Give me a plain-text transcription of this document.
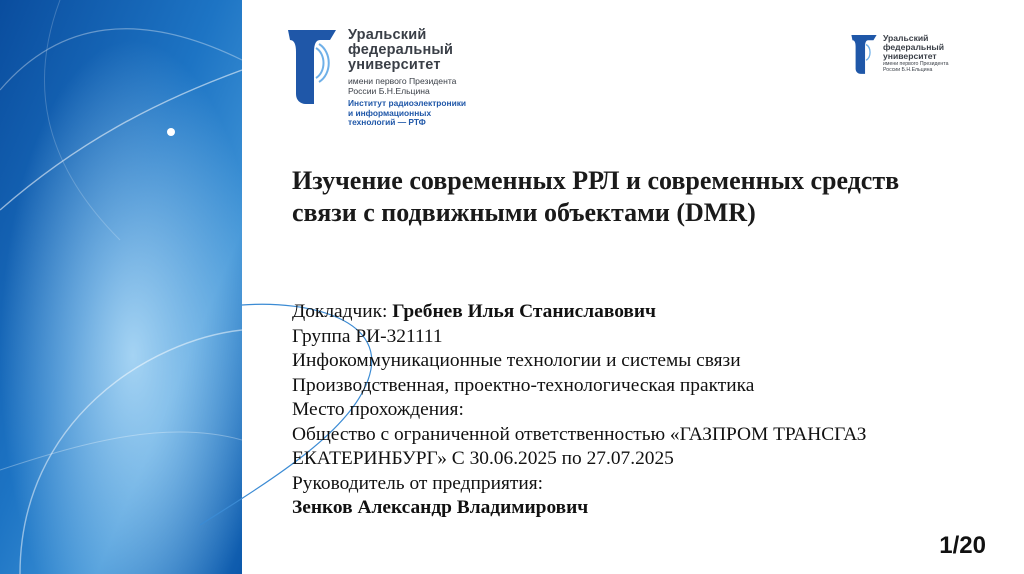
Уральский
федеральный
университет
имени первого Президента
России Б.Н.Ельцина
Институт радиоэлектроники
и информационных
технологий — РТФ
Уральский
федеральный
университет
имени первого Президента
России Б.Н.Ельцина
Изучение современных РРЛ и современных средств
связи с подвижными объектами (DMR)
Докладчик: Гребнев Илья Станиславович
Группа РИ-321111
Инфокоммуникационные технологии и системы связи
Производственная, проектно-технологическая практика
Место прохождения:
Общество с ограниченной ответственностью «ГАЗПРОМ ТРАНСГАЗ
ЕКАТЕРИНБУРГ» С 30.06.2025 по 27.07.2025
Руководитель от предприятия:
Зенков Александр Владимирович
1/20
